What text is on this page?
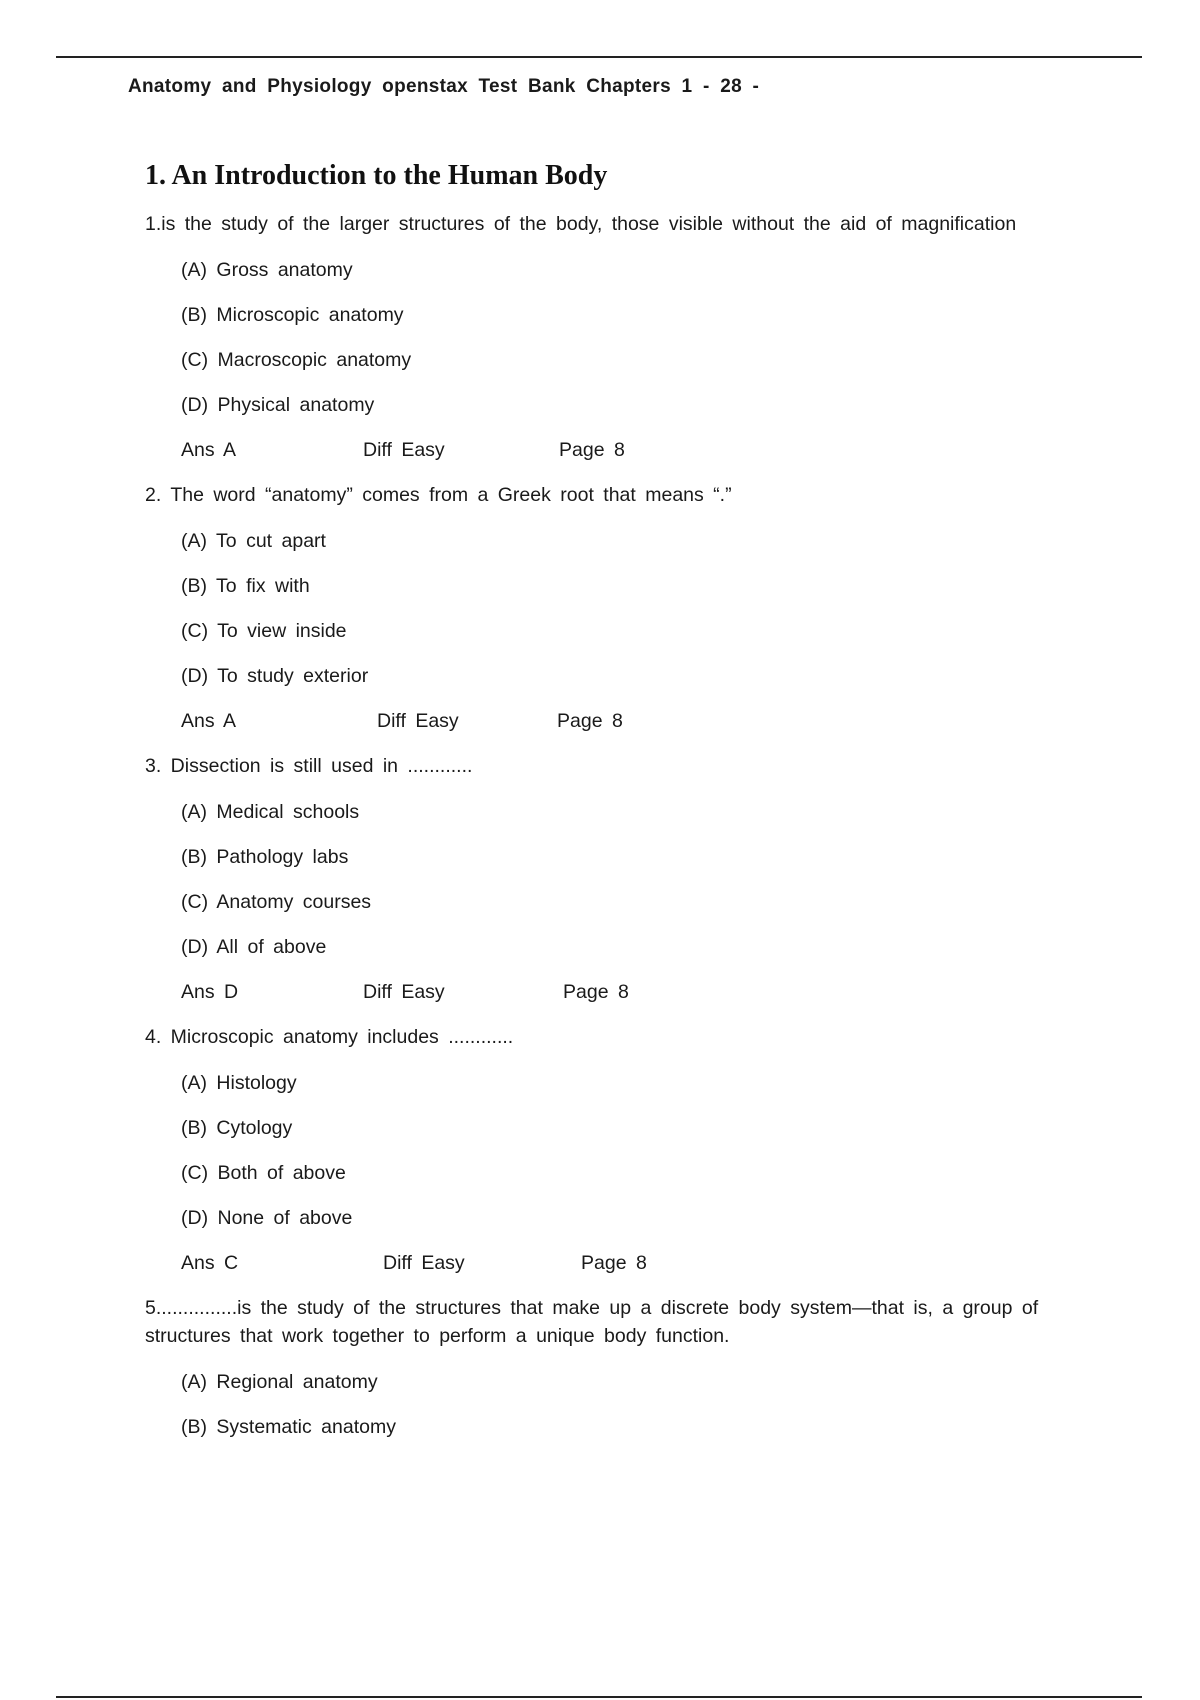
Anatomy and Physiology openstax Test Bank Chapters 1 - 28 -
1. An Introduction to the Human Body

1.is the study of the larger structures of the body, those visible without the aid of magnification

(A) Gross anatomy
(B) Microscopic anatomy
(C) Macroscopic anatomy
(D) Physical anatomy
Ans A	Diff Easy	Page 8

2. The word “anatomy” comes from a Greek root that means “.”

(A) To cut apart
(B) To fix with
(C) To view inside
(D) To study exterior
Ans A	Diff Easy	Page 8

3. Dissection is still used in ............

(A) Medical schools
(B) Pathology labs
(C) Anatomy courses
(D) All of above
Ans D	Diff Easy	Page 8

4. Microscopic anatomy includes ............

(A) Histology
(B) Cytology
(C) Both of above
(D) None of above
Ans C	Diff Easy	Page 8

5...............is the study of the structures that make up a discrete body system—that is, a group of structures that work together to perform a unique body function.

(A) Regional anatomy
(B) Systematic anatomy
